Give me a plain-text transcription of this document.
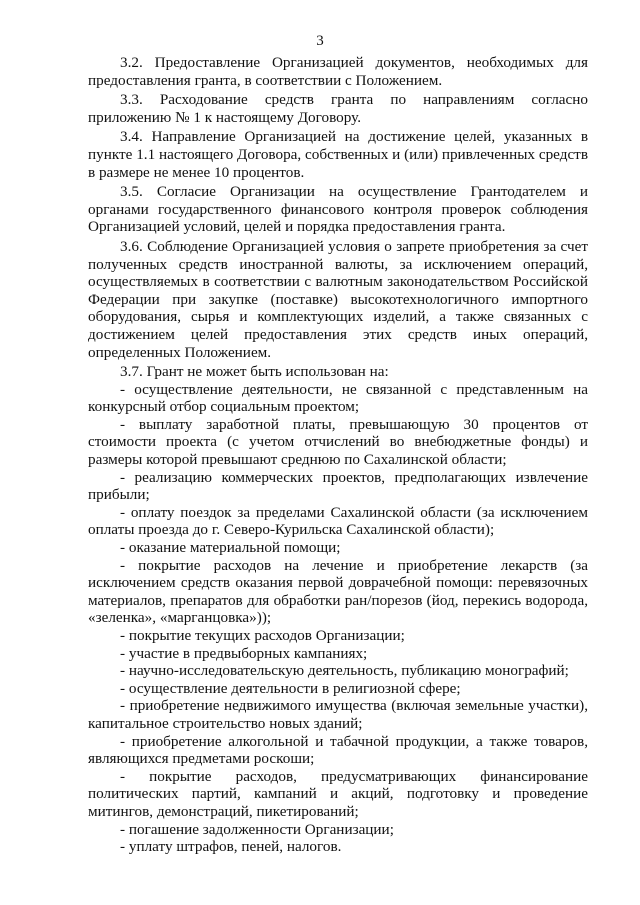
3

3.2. Предоставление Организацией документов, необходимых для предоставления гранта, в соответствии с Положением.

3.3. Расходование средств гранта по направлениям согласно приложению № 1 к настоящему Договору.

3.4. Направление Организацией на достижение целей, указанных в пункте 1.1 настоящего Договора, собственных и (или) привлеченных средств в размере не менее 10 процентов.

3.5. Согласие Организации на осуществление Грантодателем и органами государственного финансового контроля проверок соблюдения Организацией условий, целей и порядка предоставления гранта.

3.6. Соблюдение Организацией условия о запрете приобретения за счет полученных средств иностранной валюты, за исключением операций, осуществляемых в соответствии с валютным законодательством Российской Федерации при закупке (поставке) высокотехнологичного импортного оборудования, сырья и комплектующих изделий, а также связанных с достижением целей предоставления этих средств иных операций, определенных Положением.

3.7. Грант не может быть использован на:

- осуществление деятельности, не связанной с представленным на конкурсный отбор социальным проектом;

- выплату заработной платы, превышающую 30 процентов от стоимости проекта (с учетом отчислений во внебюджетные фонды) и размеры которой превышают среднюю по Сахалинской области;

- реализацию коммерческих проектов, предполагающих извлечение прибыли;

- оплату поездок за пределами Сахалинской области (за исключением оплаты проезда до г. Северо-Курильска Сахалинской области);

- оказание материальной помощи;

- покрытие расходов на лечение и приобретение лекарств (за исключением средств оказания первой доврачебной помощи: перевязочных материалов, препаратов для обработки ран/порезов (йод, перекись водорода, «зеленка», «марганцовка»));

- покрытие текущих расходов Организации;

- участие в предвыборных кампаниях;

- научно-исследовательскую деятельность, публикацию монографий;

- осуществление деятельности в религиозной сфере;

- приобретение недвижимого имущества (включая земельные участки), капитальное строительство новых зданий;

- приобретение алкогольной и табачной продукции, а также товаров, являющихся предметами роскоши;

- покрытие расходов, предусматривающих финансирование политических партий, кампаний и акций, подготовку и проведение митингов, демонстраций, пикетирований;

- погашение задолженности Организации;

- уплату штрафов, пеней, налогов.
